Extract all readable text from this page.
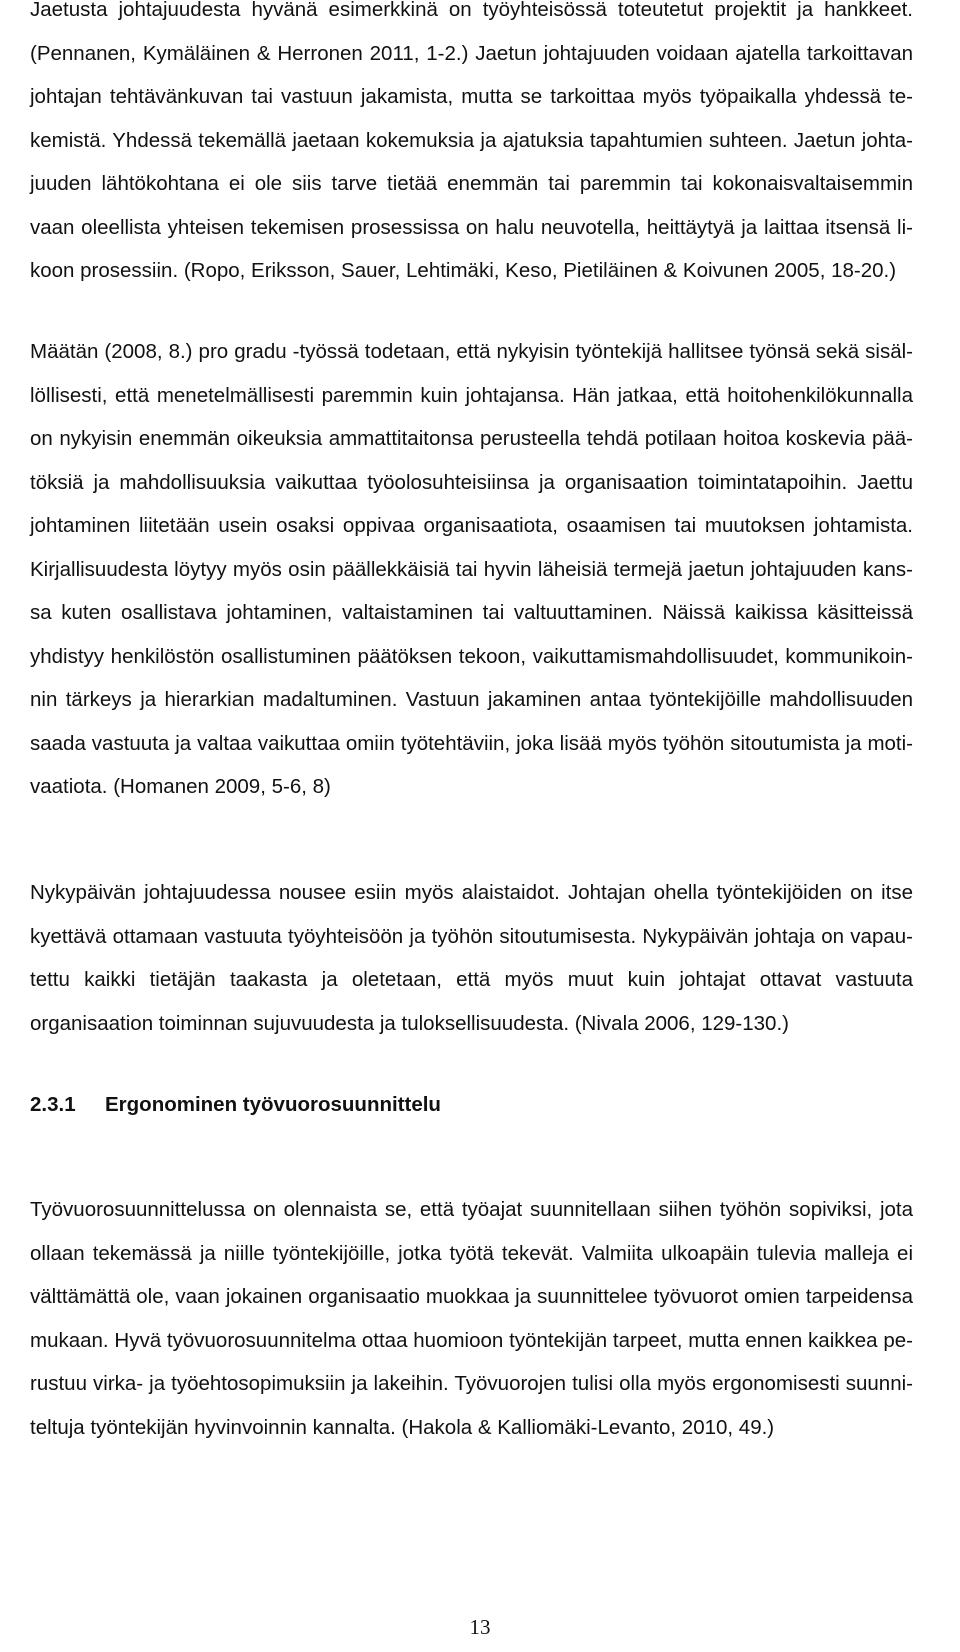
Jaetusta johtajuudesta hyvänä esimerkkinä on työyhteisössä toteutetut projektit ja hankkeet. (Pennanen, Kymäläinen & Herronen 2011, 1-2.) Jaetun johtajuuden voidaan ajatella tarkoittavan johtajan tehtävänkuvan tai vastuun jakamista, mutta se tarkoittaa myös työpaikalla yhdessä tekemistä. Yhdessä tekemällä jaetaan kokemuksia ja ajatuksia tapahtumien suhteen. Jaetun johtajuuden lähtökohtana ei ole siis tarve tietää enemmän tai paremmin tai kokonaisvaltaisemmin vaan oleellista yhteisen tekemisen prosessissa on halu neuvotella, heittäytyä ja laittaa itsensä likoon prosessiin. (Ropo, Eriksson, Sauer, Lehtimäki, Keso, Pietiläinen & Koivunen 2005, 18-20.)

Määtän (2008, 8.) pro gradu -työssä todetaan, että nykyisin työntekijä hallitsee työnsä sekä sisällöllisesti, että menetelmällisesti paremmin kuin johtajansa. Hän jatkaa, että hoitohenkilökunnalla on nykyisin enemmän oikeuksia ammattitaitonsa perusteella tehdä potilaan hoitoa koskevia päätöksiä ja mahdollisuuksia vaikuttaa työolosuhteisiinsa ja organisaation toimintatapoihin. Jaettu johtaminen liitetään usein osaksi oppivaa organisaatiota, osaamisen tai muutoksen johtamista. Kirjallisuudesta löytyy myös osin päällekkäisiä tai hyvin läheisiä termejä jaetun johtajuuden kanssa kuten osallistava johtaminen, valtaistaminen tai valtuuttaminen. Näissä kaikissa käsitteissä yhdistyy henkilöstön osallistuminen päätöksen tekoon, vaikuttamismahdollisuudet, kommunikoinnin tärkeys ja hierarkian madaltuminen. Vastuun jakaminen antaa työntekijöille mahdollisuuden saada vastuuta ja valtaa vaikuttaa omiin työtehtäviin, joka lisää myös työhön sitoutumista ja motivaatiota. (Homanen 2009, 5-6, 8)

Nykypäivän johtajuudessa nousee esiin myös alaistaidot. Johtajan ohella työntekijöiden on itse kyettävä ottamaan vastuuta työyhteisöön ja työhön sitoutumisesta. Nykypäivän johtaja on vapautettu kaikki tietäjän taakasta ja oletetaan, että myös muut kuin johtajat ottavat vastuuta organisaation toiminnan sujuvuudesta ja tuloksellisuudesta. (Nivala 2006, 129-130.)

2.3.1 Ergonominen työvuorosuunnittelu

Työvuorosuunnittelussa on olennaista se, että työajat suunnitellaan siihen työhön sopiviksi, jota ollaan tekemässä ja niille työntekijöille, jotka työtä tekevät. Valmiita ulkoapäin tulevia malleja ei välttämättä ole, vaan jokainen organisaatio muokkaa ja suunnittelee työvuorot omien tarpeidensa mukaan. Hyvä työvuorosuunnitelma ottaa huomioon työntekijän tarpeet, mutta ennen kaikkea perustuu virka- ja työehtosopimuksiin ja lakeihin. Työvuorojen tulisi olla myös ergonomisesti suunniteltuja työntekijän hyvinvoinnin kannalta. (Hakola & Kalliomäki-Levanto, 2010, 49.)

13
